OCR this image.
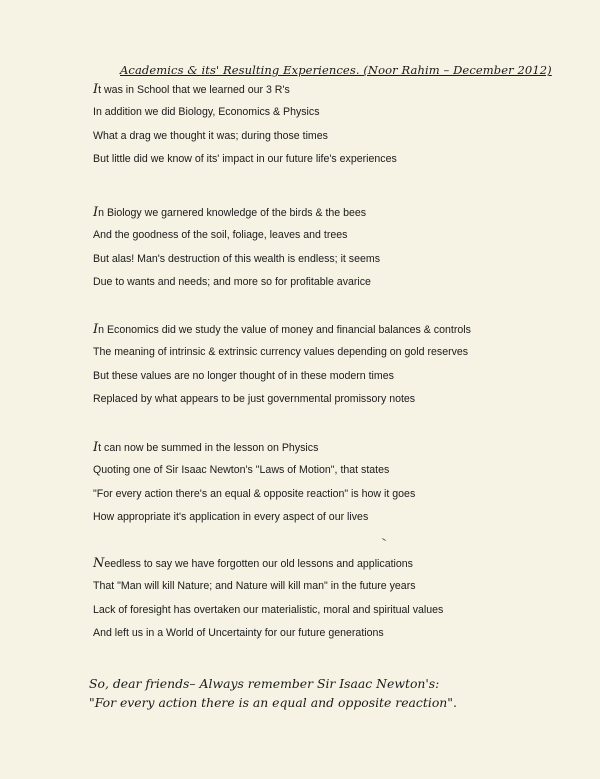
Academics & its' Resulting Experiences. (Noor Rahim – December 2012)
It was in School that we learned our 3 R's
In addition we did Biology, Economics & Physics
What a drag we thought it was; during those times
But little did we know of its' impact in our future life's experiences
In Biology we garnered knowledge of the birds & the bees
And the goodness of the soil, foliage, leaves and trees
But alas! Man's destruction of this wealth is endless; it seems
Due to wants and needs; and more so for profitable avarice
In Economics did we study the value of money and financial balances & controls
The meaning of intrinsic & extrinsic currency values depending on gold reserves
But these values are no longer thought of in these modern times
Replaced by what appears to be just governmental promissory notes
It can now be summed in the lesson on Physics
Quoting one of Sir Isaac Newton's "Laws of Motion", that states
"For every action there's an equal & opposite reaction" is how it goes
How appropriate it's application in every aspect of our lives
Needless to say we have forgotten our old lessons and applications
That "Man will kill Nature; and Nature will kill man" in the future years
Lack of foresight has overtaken our materialistic, moral and spiritual values
And left us in a World of Uncertainty for our future generations
So, dear friends– Always remember Sir Isaac Newton's:
"For every action there is an equal and opposite reaction".
